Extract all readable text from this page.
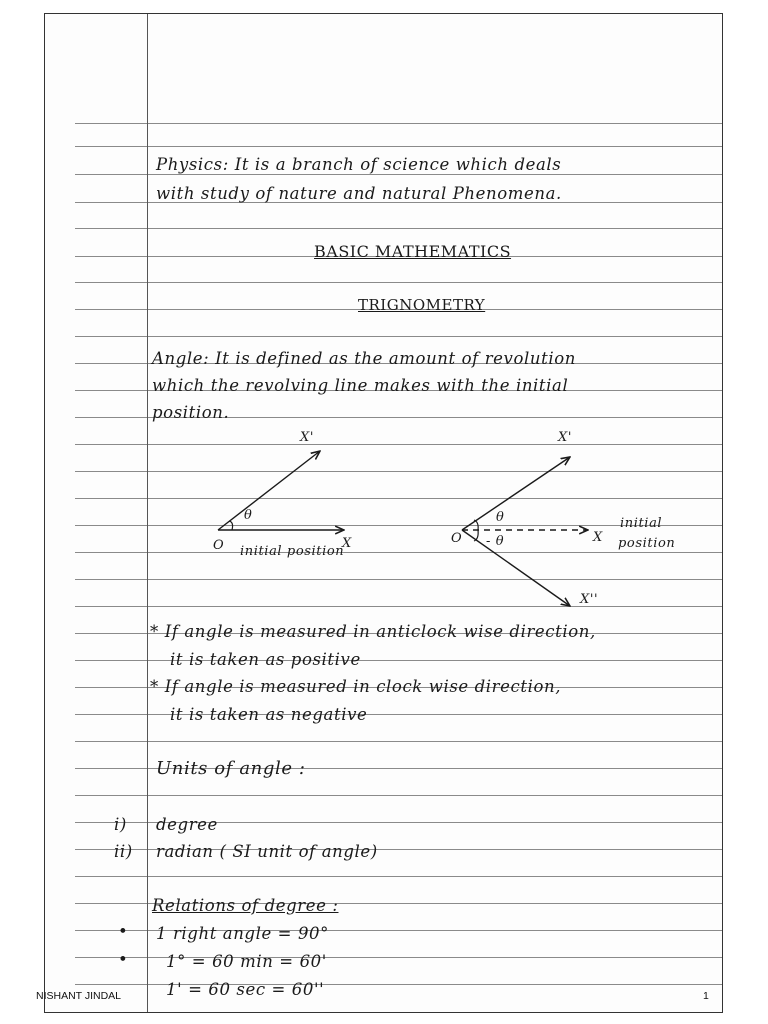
Physics: It is a branch of science which deals
with study of nature and natural Phenomena.
BASIC MATHEMATICS
TRIGNOMETRY
Angle: It is defined as the amount of revolution
which the revolving line makes with the initial
position.
O
θ
X
X'
initial position
O
θ
- θ	X
X'
X''
initial
position
* If angle is measured in anticlock wise direction,
it is taken as positive
* If angle is measured in clock wise direction,
it is taken as negative
Units of angle :
i) degree
ii) radian ( SI unit of angle)
Relations of degree :
• 1 right angle = 90°
• 1° = 60 min = 60'
1' = 60 sec = 60''
NISHANT JINDAL	1
